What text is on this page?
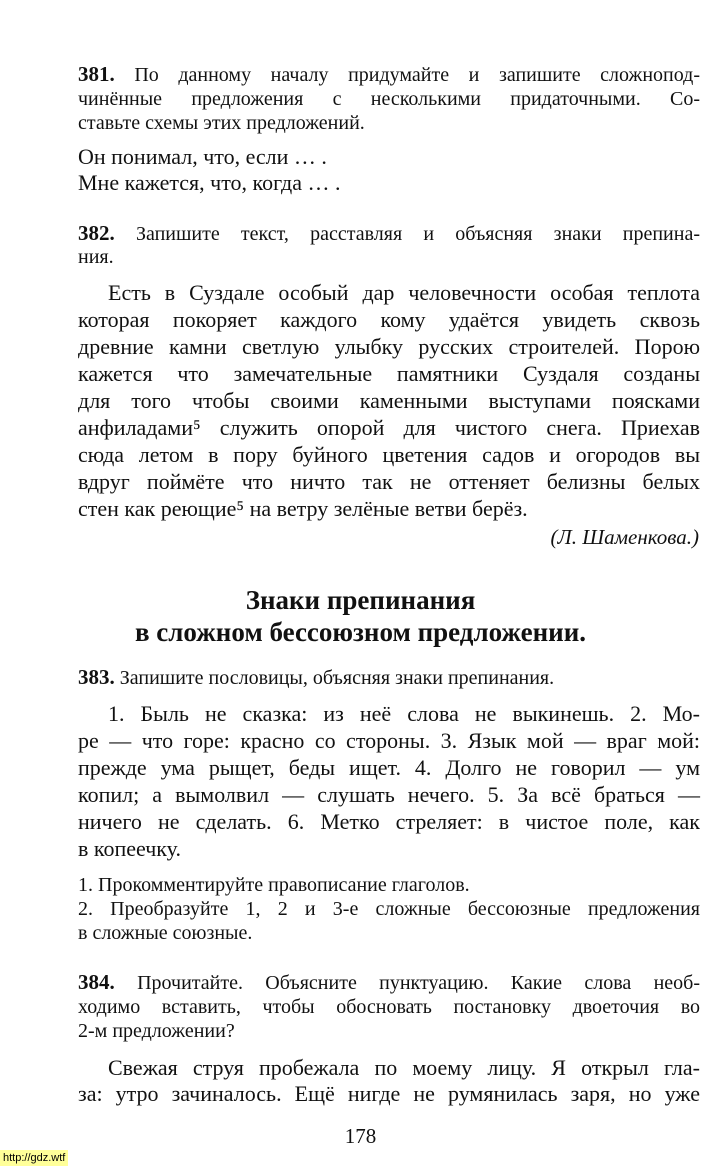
381. По данному началу придумайте и запишите сложнопод-
чинённые предложения с несколькими придаточными. Со-
ставьте схемы этих предложений.
Он понимал, что, если … .
Мне кажется, что, когда … .
382. Запишите текст, расставляя и объясняя знаки препина-
ния.
Есть в Суздале особый дар человечности особая теплота
которая покоряет каждого кому удаётся увидеть сквозь
древние камни светлую улыбку русских строителей. Порою
кажется что замечательные памятники Суздаля созданы
для того чтобы своими каменными выступами поясками
анфиладами⁵ служить опорой для чистого снега. Приехав
сюда летом в пору буйного цветения садов и огородов вы
вдруг поймёте что ничто так не оттеняет белизны белых
стен как реющие⁵ на ветру зелёные ветви берёз.
(Л. Шаменкова.)
Знаки препинания
в сложном бессоюзном предложении.
383. Запишите пословицы, объясняя знаки препинания.
1. Быль не сказка: из неё слова не выкинешь. 2. Мо-
ре — что горе: красно со стороны. 3. Язык мой — враг мой:
прежде ума рыщет, беды ищет. 4. Долго не говорил — ум
копил; а вымолвил — слушать нечего. 5. За всё браться —
ничего не сделать. 6. Метко стреляет: в чистое поле, как
в копеечку.
1. Прокомментируйте правописание глаголов.
2. Преобразуйте 1, 2 и 3-е сложные бессоюзные предложения
в сложные союзные.
384. Прочитайте. Объясните пунктуацию. Какие слова необ-
ходимо вставить, чтобы обосновать постановку двоеточия во
2-м предложении?
Свежая струя пробежала по моему лицу. Я открыл гла-
за: утро зачиналось. Ещё нигде не румянилась заря, но уже
178
http://gdz.wtf
